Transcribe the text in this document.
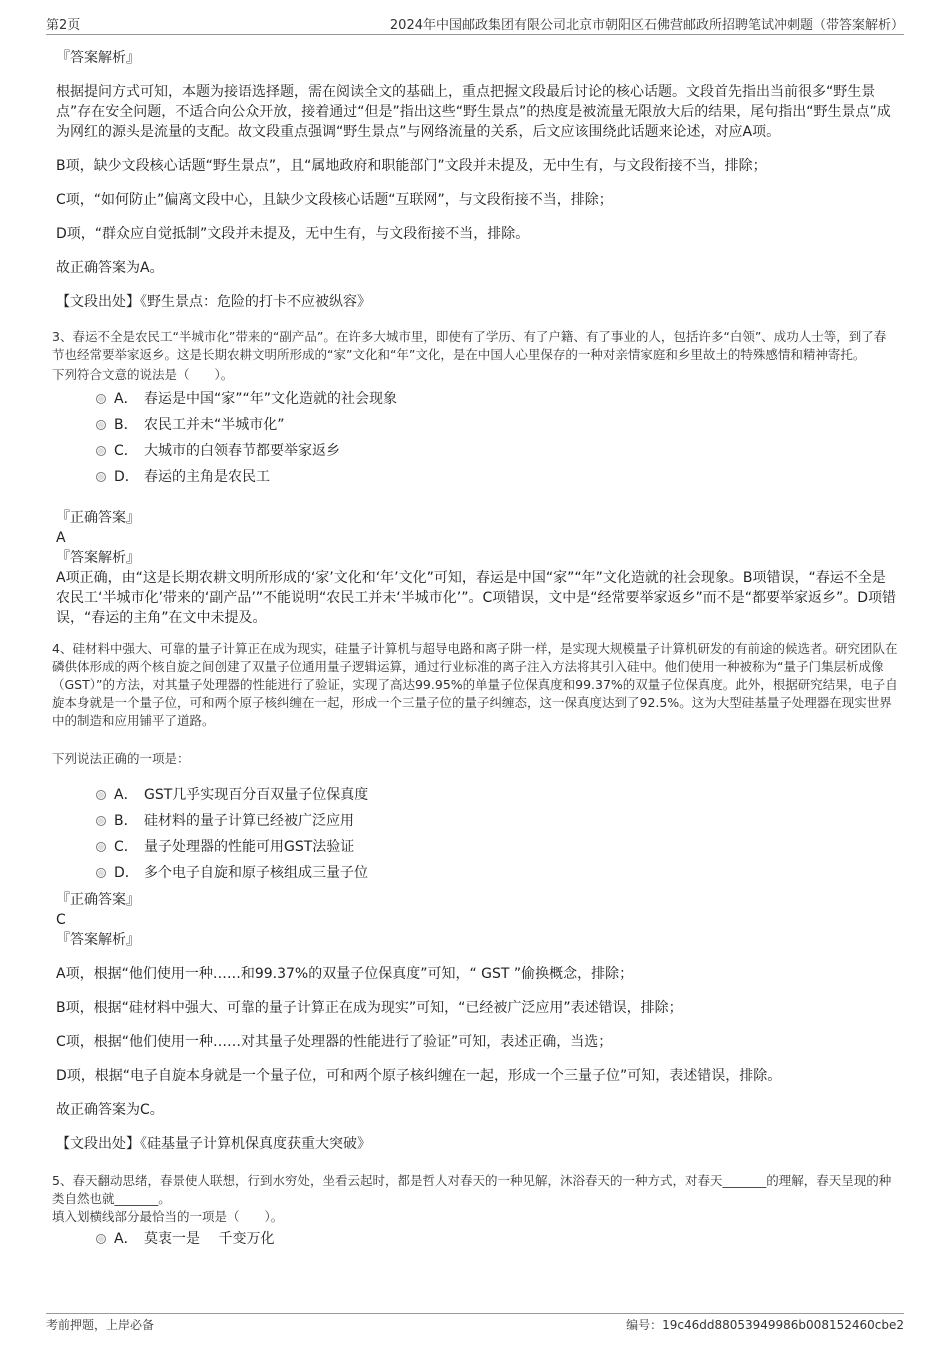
第2页	2024年中国邮政集团有限公司北京市朝阳区石佛营邮政所招聘笔试冲刺题（带答案解析）

『答案解析』

根据提问方式可知，本题为接语选择题，需在阅读全文的基础上，重点把握文段最后讨论的核心话题。文段首先指出当前很多“野生景点”存在安全问题，不适合向公众开放，接着通过“但是”指出这些“野生景点”的热度是被流量无限放大后的结果，尾句指出“野生景点”成为网红的源头是流量的支配。故文段重点强调“野生景点”与网络流量的关系，后文应该围绕此话题来论述，对应A项。

B项，缺少文段核心话题“野生景点”，且“属地政府和职能部门”文段并未提及，无中生有，与文段衔接不当，排除；

C项，“如何防止”偏离文段中心，且缺少文段核心话题“互联网”，与文段衔接不当，排除；

D项，“群众应自觉抵制”文段并未提及，无中生有，与文段衔接不当，排除。

故正确答案为A。

【文段出处】《野生景点：危险的打卡不应被纵容》

3、春运不全是农民工“半城市化”带来的“副产品”。在许多大城市里，即使有了学历、有了户籍、有了事业的人，包括许多“白领”、成功人士等，到了春节也经常要举家返乡。这是长期农耕文明所形成的“家”文化和“年”文化，是在中国人心里保存的一种对亲情家庭和乡里故土的特殊感情和精神寄托。

下列符合文意的说法是（　　）。

A． 春运是中国“家”“年”文化造就的社会现象
B． 农民工并未“半城市化”
C． 大城市的白领春节都要举家返乡
D． 春运的主角是农民工

『正确答案』

A

『答案解析』

A项正确，由“这是长期农耕文明所形成的‘家’文化和‘年’文化”可知，春运是中国“家”“年”文化造就的社会现象。B项错误，“春运不全是农民工‘半城市化’带来的‘副产品’”不能说明“农民工并未‘半城市化’”。C项错误，文中是“经常要举家返乡”而不是“都要举家返乡”。D项错误，“春运的主角”在文中未提及。

4、硅材料中强大、可靠的量子计算正在成为现实，硅量子计算机与超导电路和离子阱一样，是实现大规模量子计算机研发的有前途的候选者。研究团队在磷供体形成的两个核自旋之间创建了双量子位通用量子逻辑运算，通过行业标准的离子注入方法将其引入硅中。他们使用一种被称为“量子门集层析成像（GST）”的方法，对其量子处理器的性能进行了验证，实现了高达99.95%的单量子位保真度和99.37%的双量子位保真度。此外，根据研究结果，电子自旋本身就是一个量子位，可和两个原子核纠缠在一起，形成一个三量子位的量子纠缠态，这一保真度达到了92.5%。这为大型硅基量子处理器在现实世界中的制造和应用铺平了道路。

下列说法正确的一项是：

A． GST几乎实现百分百双量子位保真度
B． 硅材料的量子计算已经被广泛应用
C． 量子处理器的性能可用GST法验证
D． 多个电子自旋和原子核组成三量子位

『正确答案』

C

『答案解析』

A项，根据“他们使用一种……和99.37%的双量子位保真度”可知，“ GST ”偷换概念，排除；

B项，根据“硅材料中强大、可靠的量子计算正在成为现实”可知，“已经被广泛应用”表述错误，排除；

C项，根据“他们使用一种……对其量子处理器的性能进行了验证”可知，表述正确，当选；

D项，根据“电子自旋本身就是一个量子位，可和两个原子核纠缠在一起，形成一个三量子位”可知，表述错误，排除。

故正确答案为C。

【文段出处】《硅基量子计算机保真度获重大突破》

5、春天翻动思绪，春景使人联想，行到水穷处，坐看云起时，都是哲人对春天的一种见解，沐浴春天的一种方式，对春天_______的理解，春天呈现的种类自然也就_______。

填入划横线部分最恰当的一项是（　　）。

A． 莫衷一是　 千变万化
考前押题，上岸必备	编号：19c46dd88053949986b008152460cbe2
